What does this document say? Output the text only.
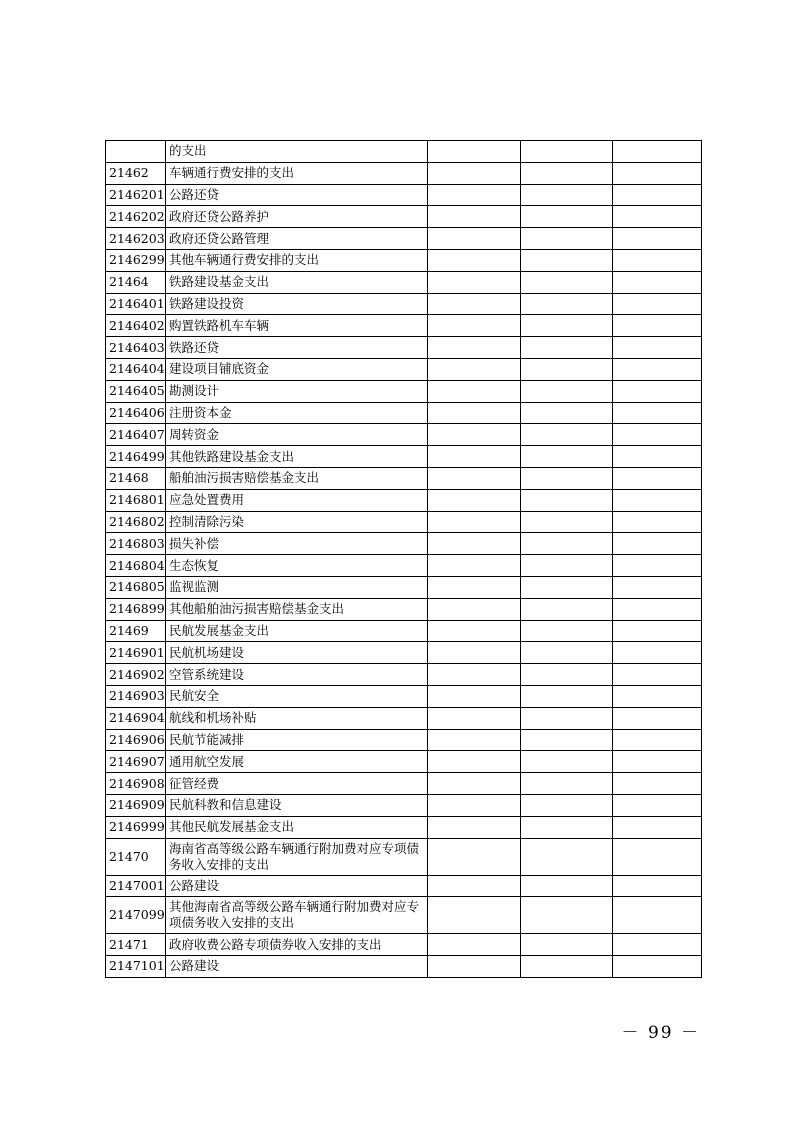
	的支出			
21462	车辆通行费安排的支出			
2146201	公路还贷			
2146202	政府还贷公路养护			
2146203	政府还贷公路管理			
2146299	其他车辆通行费安排的支出			
21464	铁路建设基金支出			
2146401	铁路建设投资			
2146402	购置铁路机车车辆			
2146403	铁路还贷			
2146404	建设项目铺底资金			
2146405	勘测设计			
2146406	注册资本金			
2146407	周转资金			
2146499	其他铁路建设基金支出			
21468	船舶油污损害赔偿基金支出			
2146801	应急处置费用			
2146802	控制清除污染			
2146803	损失补偿			
2146804	生态恢复			
2146805	监视监测			
2146899	其他船舶油污损害赔偿基金支出			
21469	民航发展基金支出			
2146901	民航机场建设			
2146902	空管系统建设			
2146903	民航安全			
2146904	航线和机场补贴			
2146906	民航节能减排			
2146907	通用航空发展			
2146908	征管经费			
2146909	民航科教和信息建设			
2146999	其他民航发展基金支出			
21470	海南省高等级公路车辆通行附加费对应专项债务收入安排的支出			
2147001	公路建设			
2147099	其他海南省高等级公路车辆通行附加费对应专项债务收入安排的支出			
21471	政府收费公路专项债券收入安排的支出			
2147101	公路建设			
－ 99 －
